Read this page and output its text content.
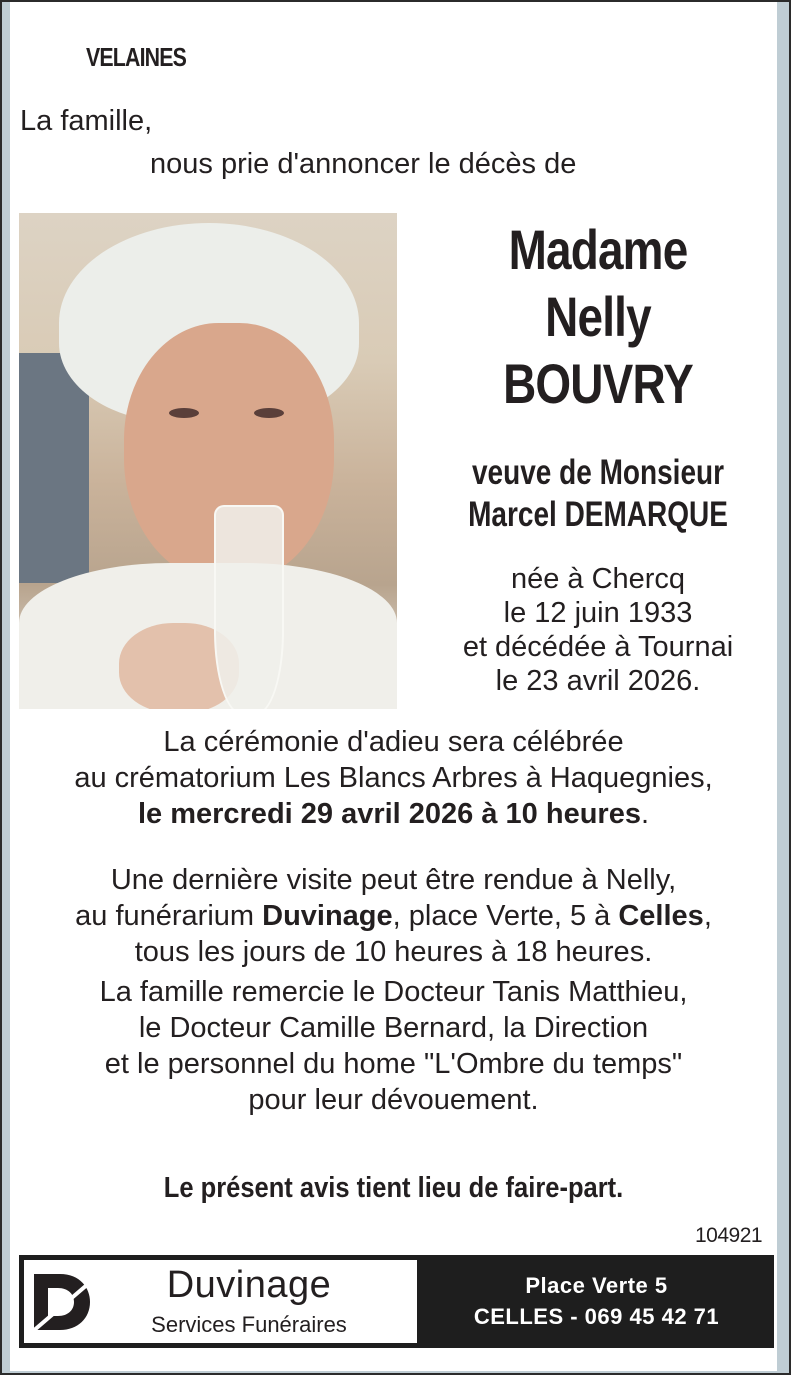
VELAINES
La famille,
nous prie d'annoncer le décès de
Madame
Nelly
BOUVRY
veuve de Monsieur
Marcel DEMARQUE
née à Chercq
le 12 juin 1933
et décédée à Tournai
le 23 avril 2026.
La cérémonie d'adieu sera célébrée
au crématorium Les Blancs Arbres à Haquegnies,
le mercredi 29 avril 2026 à 10 heures.
Une dernière visite peut être rendue à Nelly,
au funérarium Duvinage, place Verte, 5 à Celles,
tous les jours de 10 heures à 18 heures.
La famille remercie le Docteur Tanis Matthieu,
le Docteur Camille Bernard, la Direction
et le personnel du home "L'Ombre du temps"
pour leur dévouement.
Le présent avis tient lieu de faire-part.
104921
Duvinage
Services Funéraires
Place Verte 5
CELLES - 069 45 42 71
